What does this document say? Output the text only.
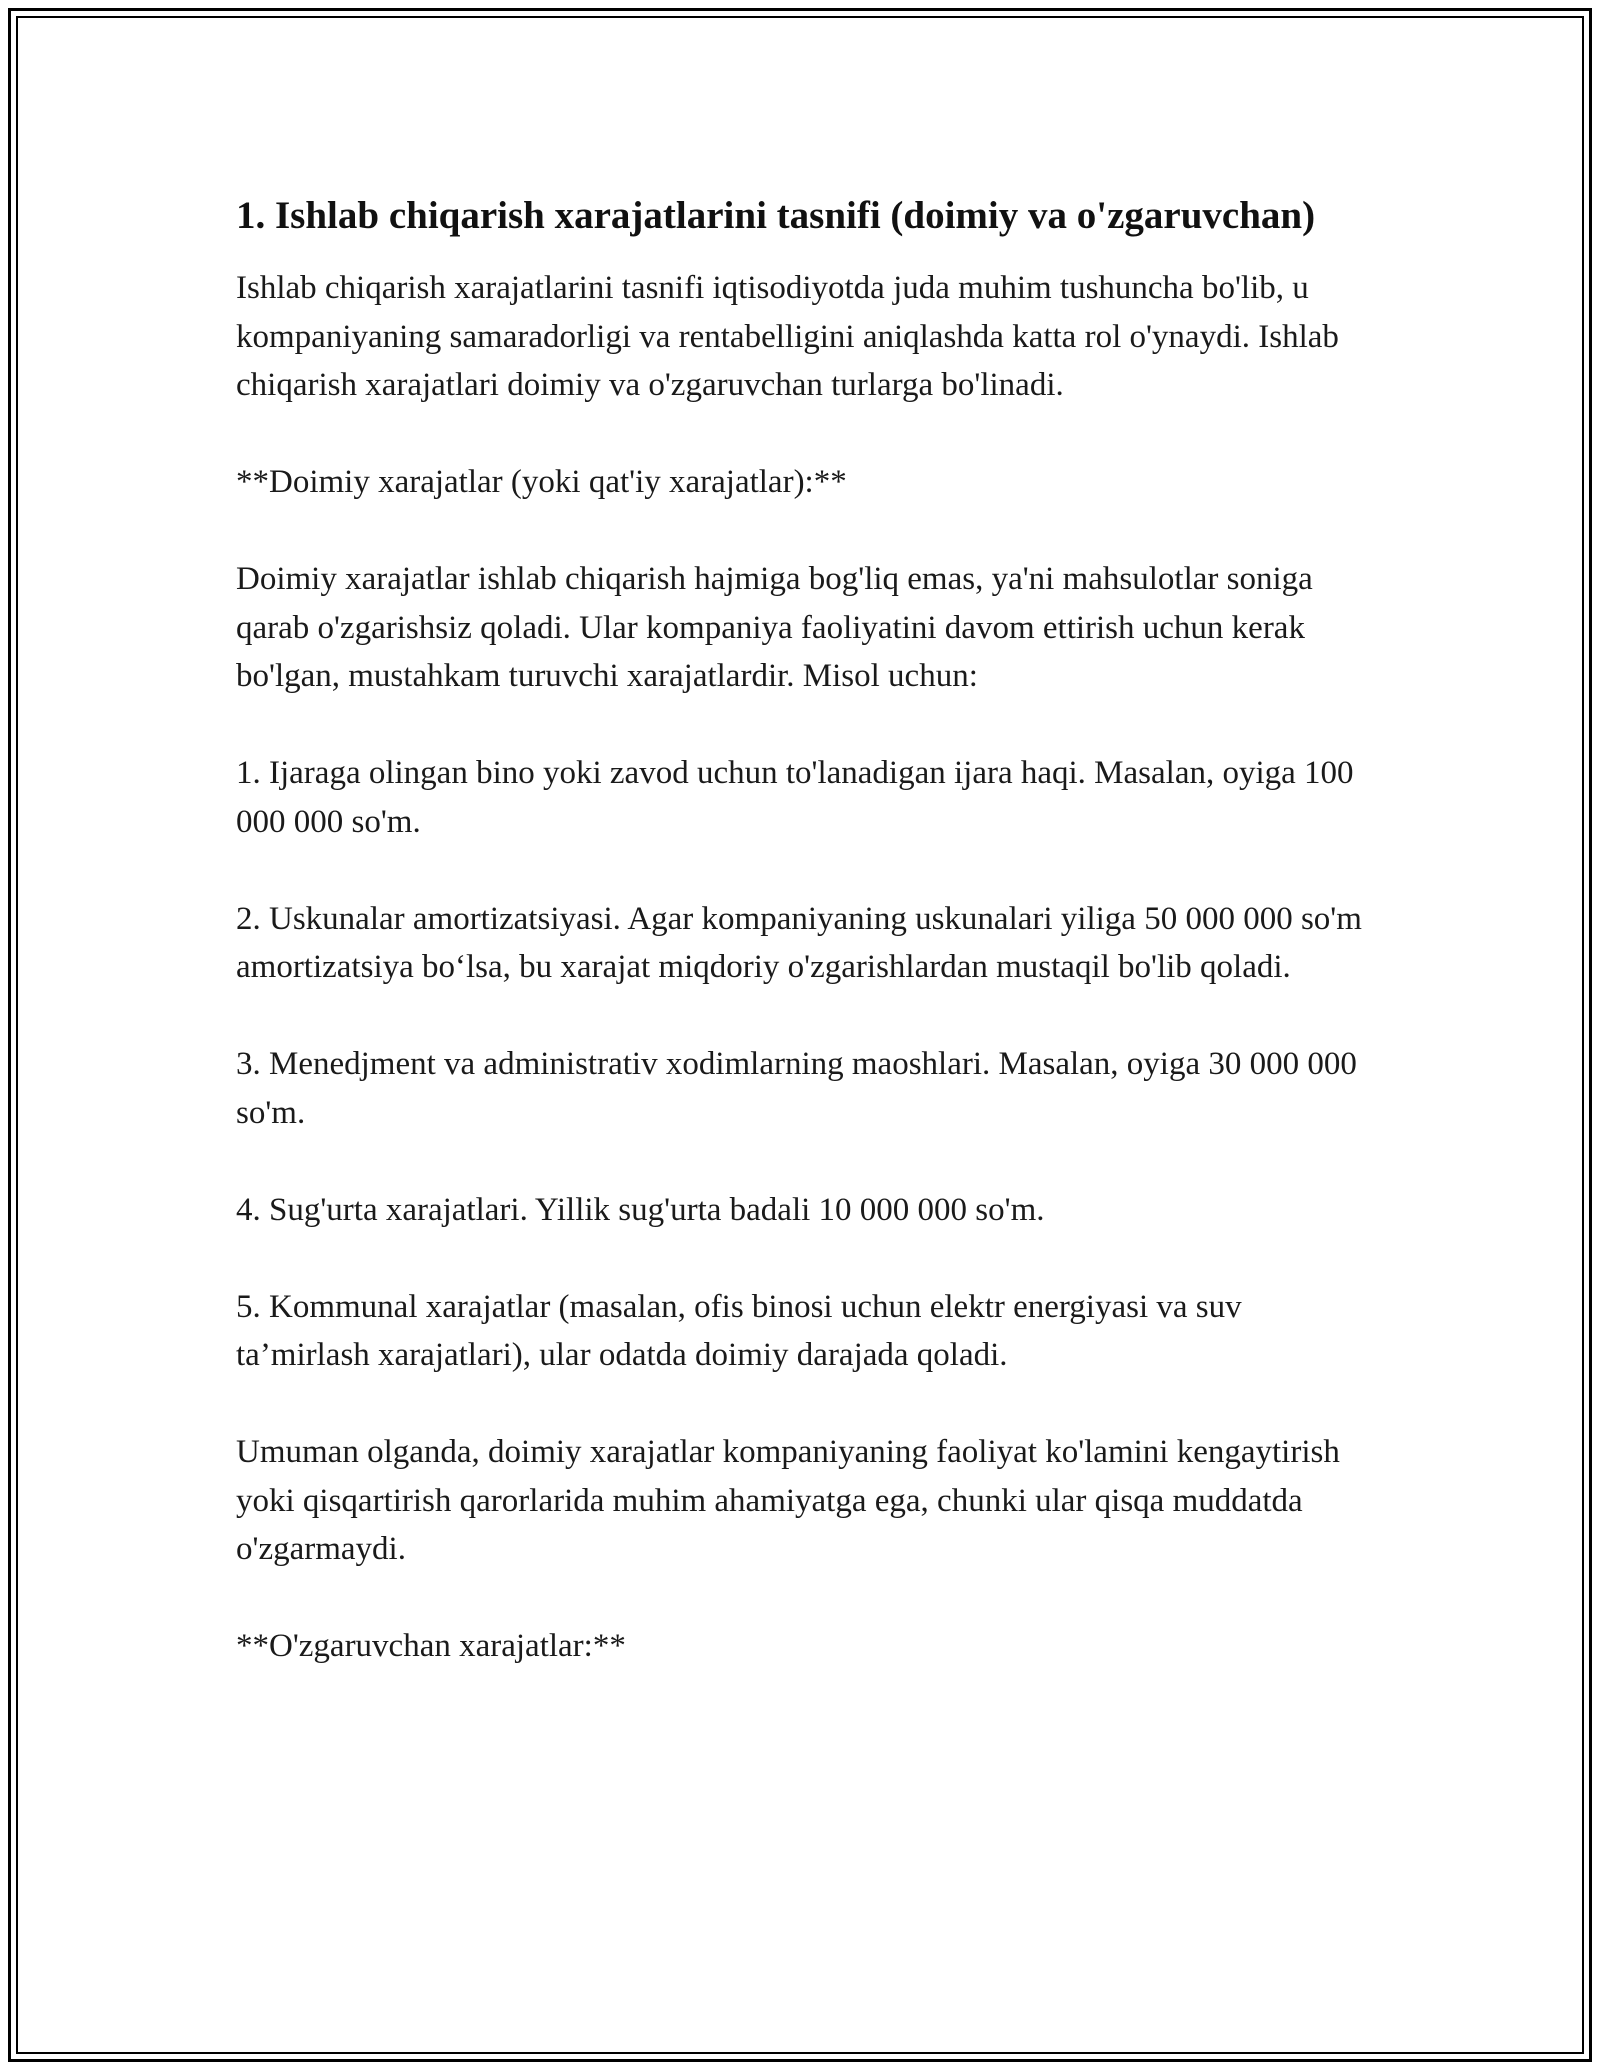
1. Ishlab chiqarish xarajatlarini tasnifi (doimiy va o'zgaruvchan)

Ishlab chiqarish xarajatlarini tasnifi iqtisodiyotda juda muhim tushuncha bo'lib, u kompaniyaning samaradorligi va rentabelligini aniqlashda katta rol o'ynaydi. Ishlab chiqarish xarajatlari doimiy va o'zgaruvchan turlarga bo'linadi.

**Doimiy xarajatlar (yoki qat'iy xarajatlar):**

Doimiy xarajatlar ishlab chiqarish hajmiga bog'liq emas, ya'ni mahsulotlar soniga qarab o'zgarishsiz qoladi. Ular kompaniya faoliyatini davom ettirish uchun kerak bo'lgan, mustahkam turuvchi xarajatlardir. Misol uchun:

1. Ijaraga olingan bino yoki zavod uchun to'lanadigan ijara haqi. Masalan, oyiga 100 000 000 so'm.

2. Uskunalar amortizatsiyasi. Agar kompaniyaning uskunalari yiliga 50 000 000 so'm amortizatsiya bo‘lsa, bu xarajat miqdoriy o'zgarishlardan mustaqil bo'lib qoladi.

3. Menedjment va administrativ xodimlarning maoshlari. Masalan, oyiga 30 000 000 so'm.

4. Sug'urta xarajatlari. Yillik sug'urta badali 10 000 000 so'm.

5. Kommunal xarajatlar (masalan, ofis binosi uchun elektr energiyasi va suv ta’mirlash xarajatlari), ular odatda doimiy darajada qoladi.

Umuman olganda, doimiy xarajatlar kompaniyaning faoliyat ko'lamini kengaytirish yoki qisqartirish qarorlarida muhim ahamiyatga ega, chunki ular qisqa muddatda o'zgarmaydi.

**O'zgaruvchan xarajatlar:**
